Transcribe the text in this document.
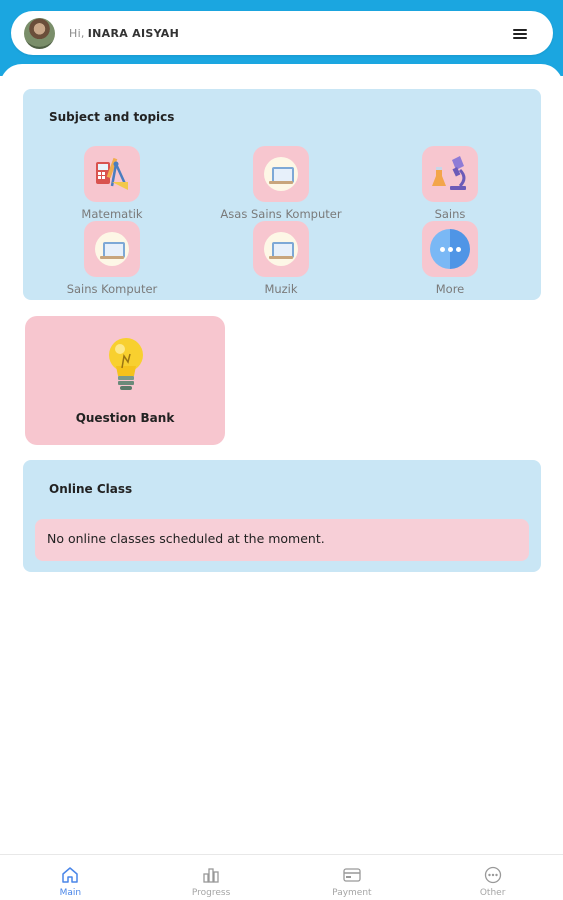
Hi, INARA AISYAH
Subject and topics
Matematik	Asas Sains Komputer	Sains
Sains Komputer	Muzik	More
Question Bank
Online Class
No online classes scheduled at the moment.
Main	Progress	Payment	Other
